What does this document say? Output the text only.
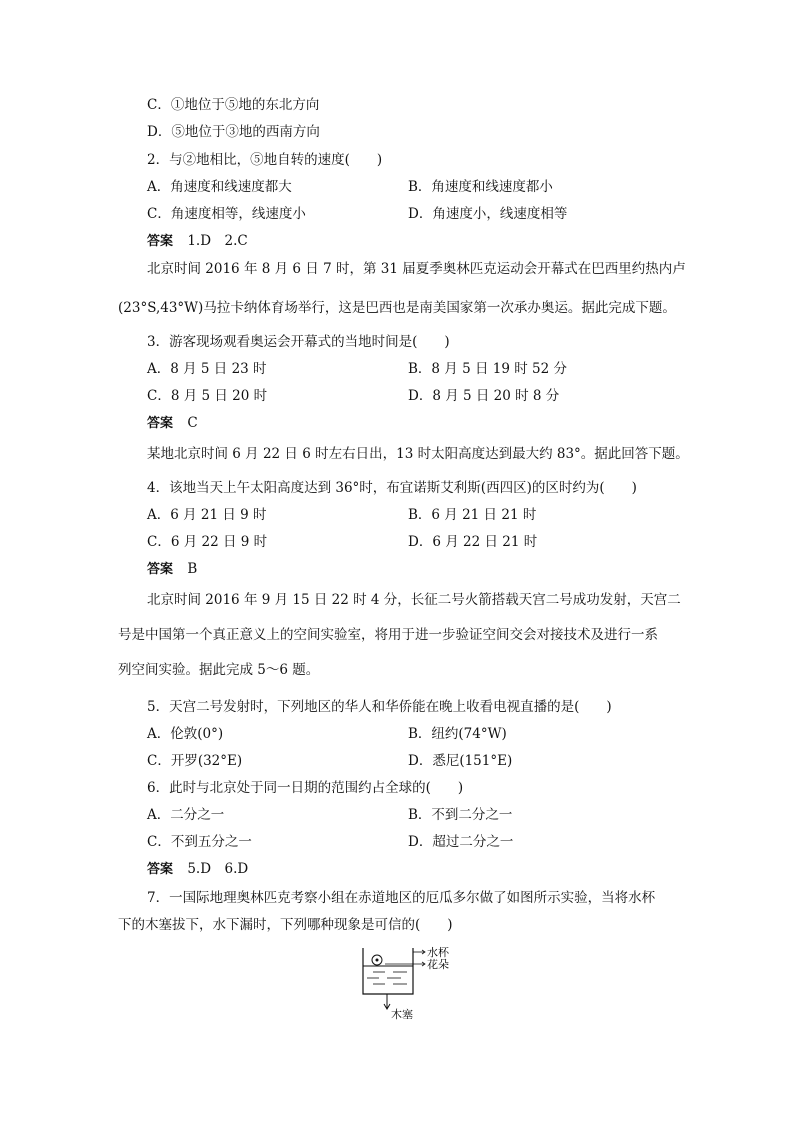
C．①地位于⑤地的东北方向
D．⑤地位于③地的西南方向
2．与②地相比，⑤地自转的速度(　　)
A．角速度和线速度都大	B．角速度和线速度都小
C．角速度相等，线速度小	D．角速度小，线速度相等
答案 1.D　2.C
北京时间 2016 年 8 月 6 日 7 时，第 31 届夏季奥林匹克运动会开幕式在巴西里约热内卢
(23°S,43°W)马拉卡纳体育场举行，这是巴西也是南美国家第一次承办奥运。据此完成下题。
3．游客现场观看奥运会开幕式的当地时间是(　　)
A．8 月 5 日 23 时	B．8 月 5 日 19 时 52 分
C．8 月 5 日 20 时	D．8 月 5 日 20 时 8 分
答案 C
某地北京时间 6 月 22 日 6 时左右日出，13 时太阳高度达到最大约 83°。据此回答下题。
4．该地当天上午太阳高度达到 36°时，布宜诺斯艾利斯(西四区)的区时约为(　　)
A．6 月 21 日 9 时	B．6 月 21 日 21 时
C．6 月 22 日 9 时	D．6 月 22 日 21 时
答案 B
北京时间 2016 年 9 月 15 日 22 时 4 分，长征二号火箭搭载天宫二号成功发射，天宫二
号是中国第一个真正意义上的空间实验室，将用于进一步验证空间交会对接技术及进行一系
列空间实验。据此完成 5～6 题。
5．天宫二号发射时，下列地区的华人和华侨能在晚上收看电视直播的是(　　)
A．伦敦(0°)	B．纽约(74°W)
C．开罗(32°E)	D．悉尼(151°E)
6．此时与北京处于同一日期的范围约占全球的(　　)
A．二分之一	B．不到二分之一
C．不到五分之一	D．超过二分之一
答案 5.D　6.D
7．一国际地理奥林匹克考察小组在赤道地区的厄瓜多尔做了如图所示实验，当将水杯
下的木塞拔下，水下漏时，下列哪种现象是可信的(　　)
水杯
花朵
木塞
